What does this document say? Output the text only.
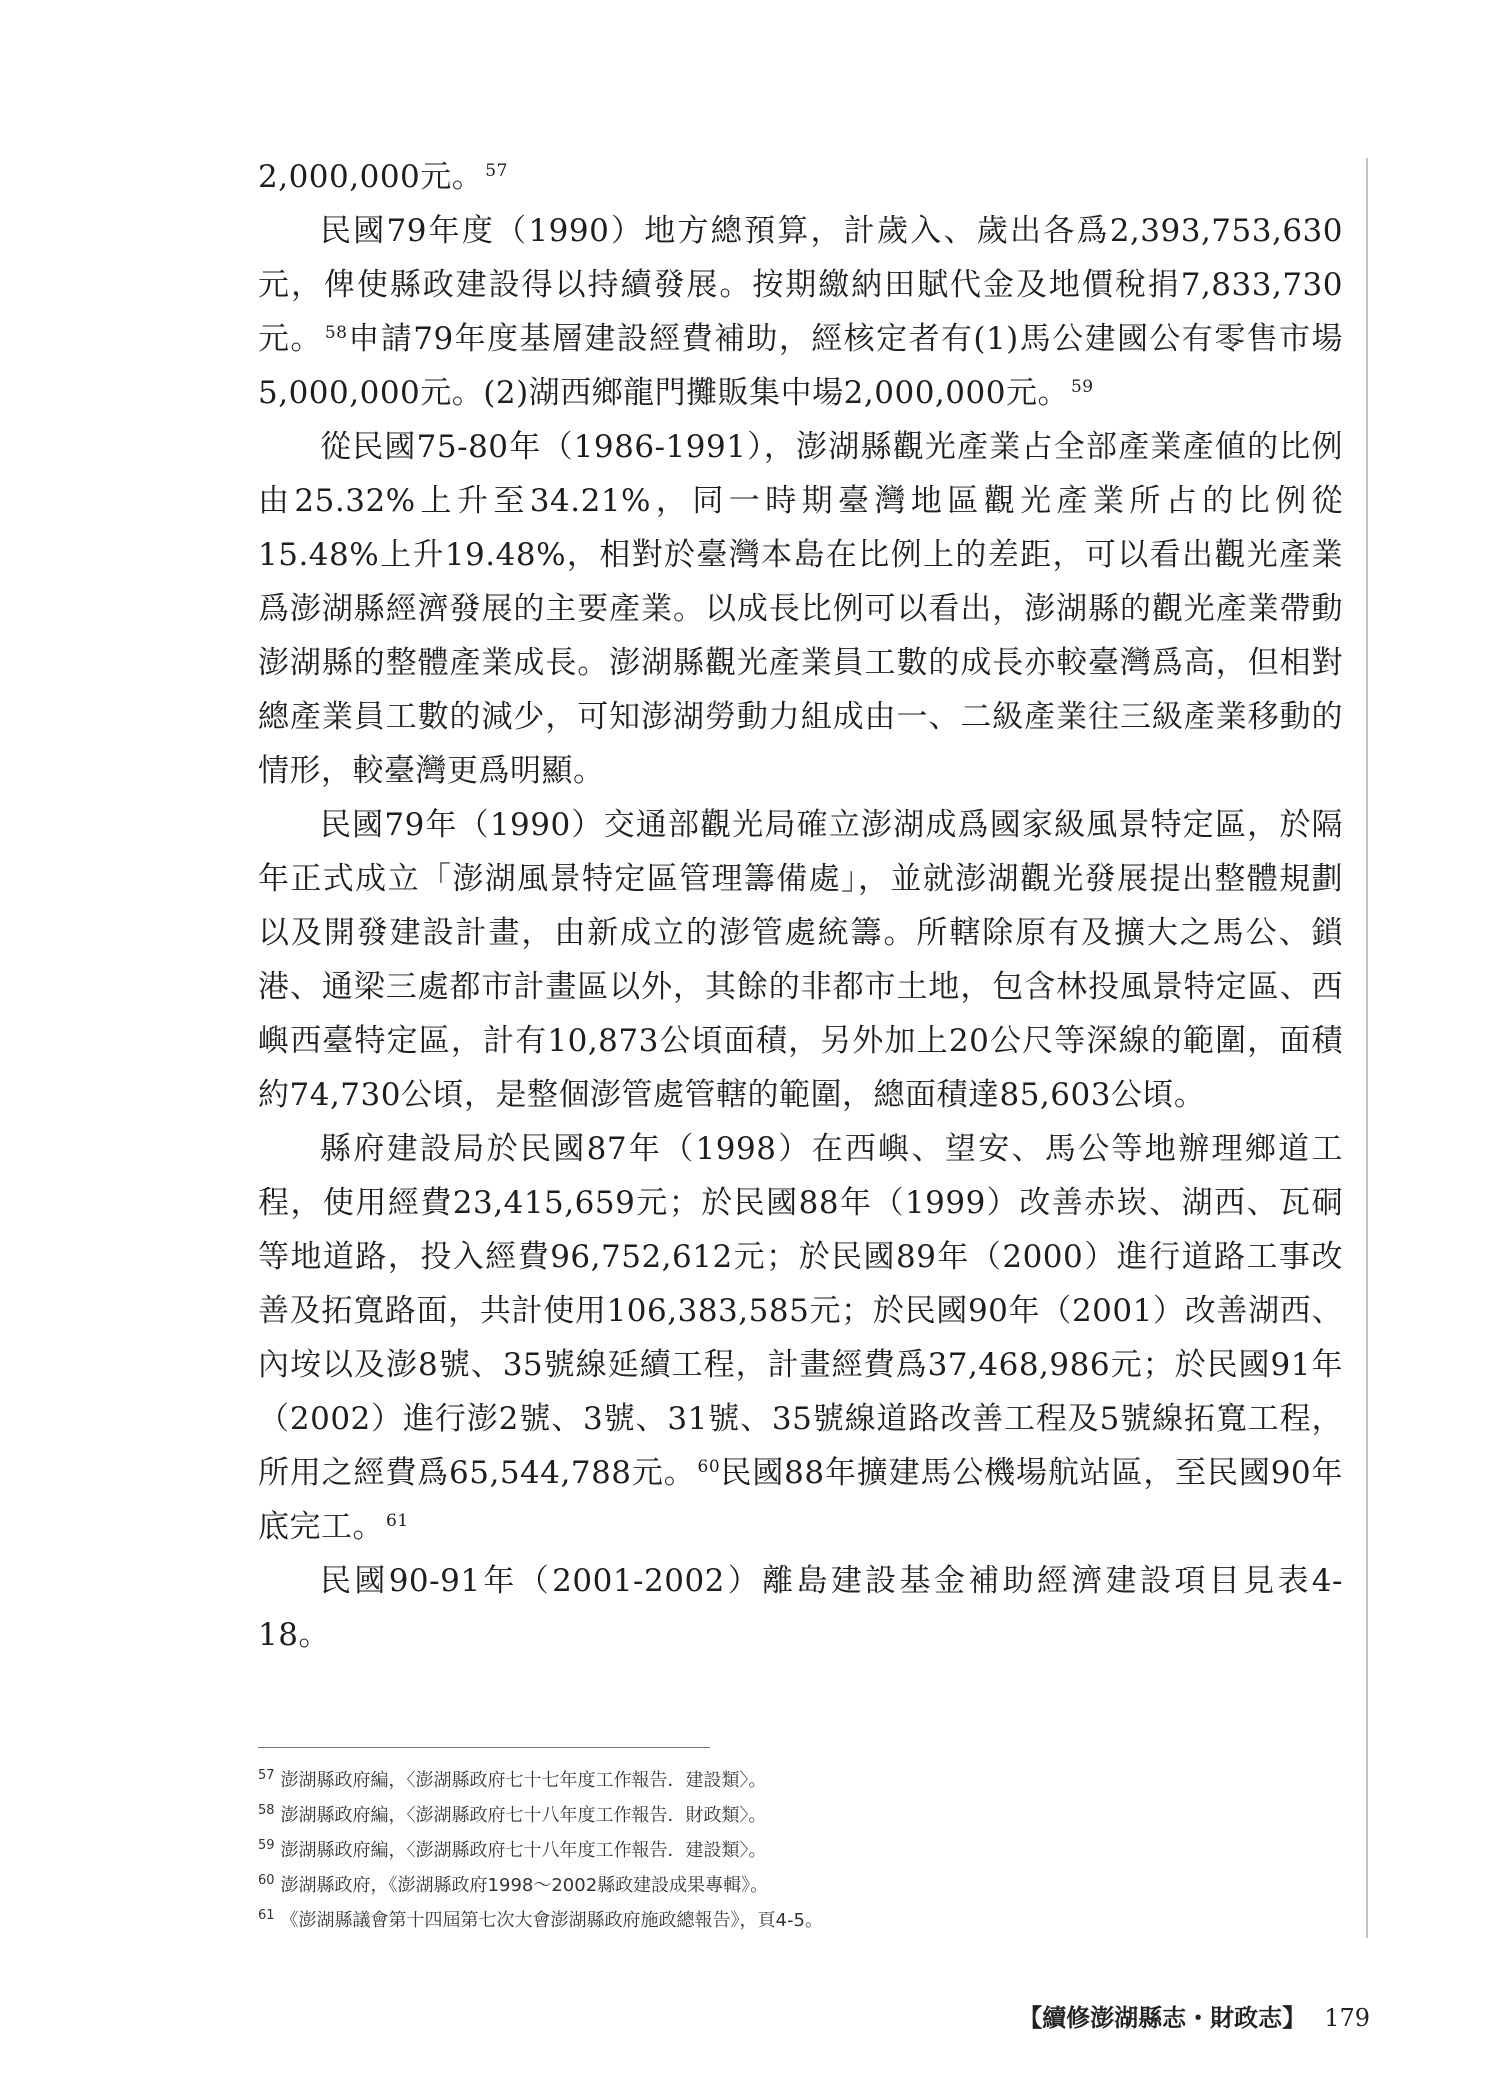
2,000,000元。 $^{57}$

民國79年度（1990）地方總預算，計歲入、歲出各爲2,393,753,630元，俾使縣政建設得以持續發展。按期繳納田賦代金及地價稅捐7,833,730元。 $^{58}$申請79年度基層建設經費補助，經核定者有(1)馬公建國公有零售市場5,000,000元。(2)湖西鄉龍門攤販集中場2,000,000元。 $^{59}$

從民國75-80年（1986-1991），澎湖縣觀光產業占全部產業產値的比例由25.32%上升至34.21%，同一時期臺灣地區觀光產業所占的比例從15.48%上升19.48%，相對於臺灣本島在比例上的差距，可以看出觀光產業爲澎湖縣經濟發展的主要產業。以成長比例可以看出，澎湖縣的觀光產業帶動澎湖縣的整體產業成長。澎湖縣觀光產業員工數的成長亦較臺灣爲高，但相對總產業員工數的減少，可知澎湖勞動力組成由一、二級產業往三級產業移動的情形，較臺灣更爲明顯。

民國79年（1990）交通部觀光局確立澎湖成爲國家級風景特定區，於隔年正式成立「澎湖風景特定區管理籌備處」，並就澎湖觀光發展提出整體規劃以及開發建設計畫，由新成立的澎管處統籌。所轄除原有及擴大之馬公、鎖港、通梁三處都市計畫區以外，其餘的非都市土地，包含林投風景特定區、西嶼西臺特定區，計有10,873公頃面積，另外加上20公尺等深線的範圍，面積約74,730公頃，是整個澎管處管轄的範圍，總面積達85,603公頃。

縣府建設局於民國87年（1998）在西嶼、望安、馬公等地辦理鄉道工程，使用經費23,415,659元；於民國88年（1999）改善赤崁、湖西、瓦硐等地道路，投入經費96,752,612元；於民國89年（2000）進行道路工事改善及拓寬路面，共計使用106,383,585元；於民國90年（2001）改善湖西、內垵以及澎8號、35號線延續工程，計畫經費爲37,468,986元；於民國91年（2002）進行澎2號、3號、31號、35號線道路改善工程及5號線拓寬工程，所用之經費爲65,544,788元。 $^{60}$民國88年擴建馬公機場航站區，至民國90年底完工。 $^{61}$

民國90-91年（2001-2002）離島建設基金補助經濟建設項目見表4-18。

$^{57}$ 澎湖縣政府編，〈澎湖縣政府七十七年度工作報告．建設類〉。
$^{58}$ 澎湖縣政府編，〈澎湖縣政府七十八年度工作報告．財政類〉。
$^{59}$ 澎湖縣政府編，〈澎湖縣政府七十八年度工作報告．建設類〉。
$^{60}$ 澎湖縣政府，《澎湖縣政府1998～2002縣政建設成果專輯》。
$^{61}$ 《澎湖縣議會第十四屆第七次大會澎湖縣政府施政總報告》，頁4-5。
【續修澎湖縣志・財政志】 179
